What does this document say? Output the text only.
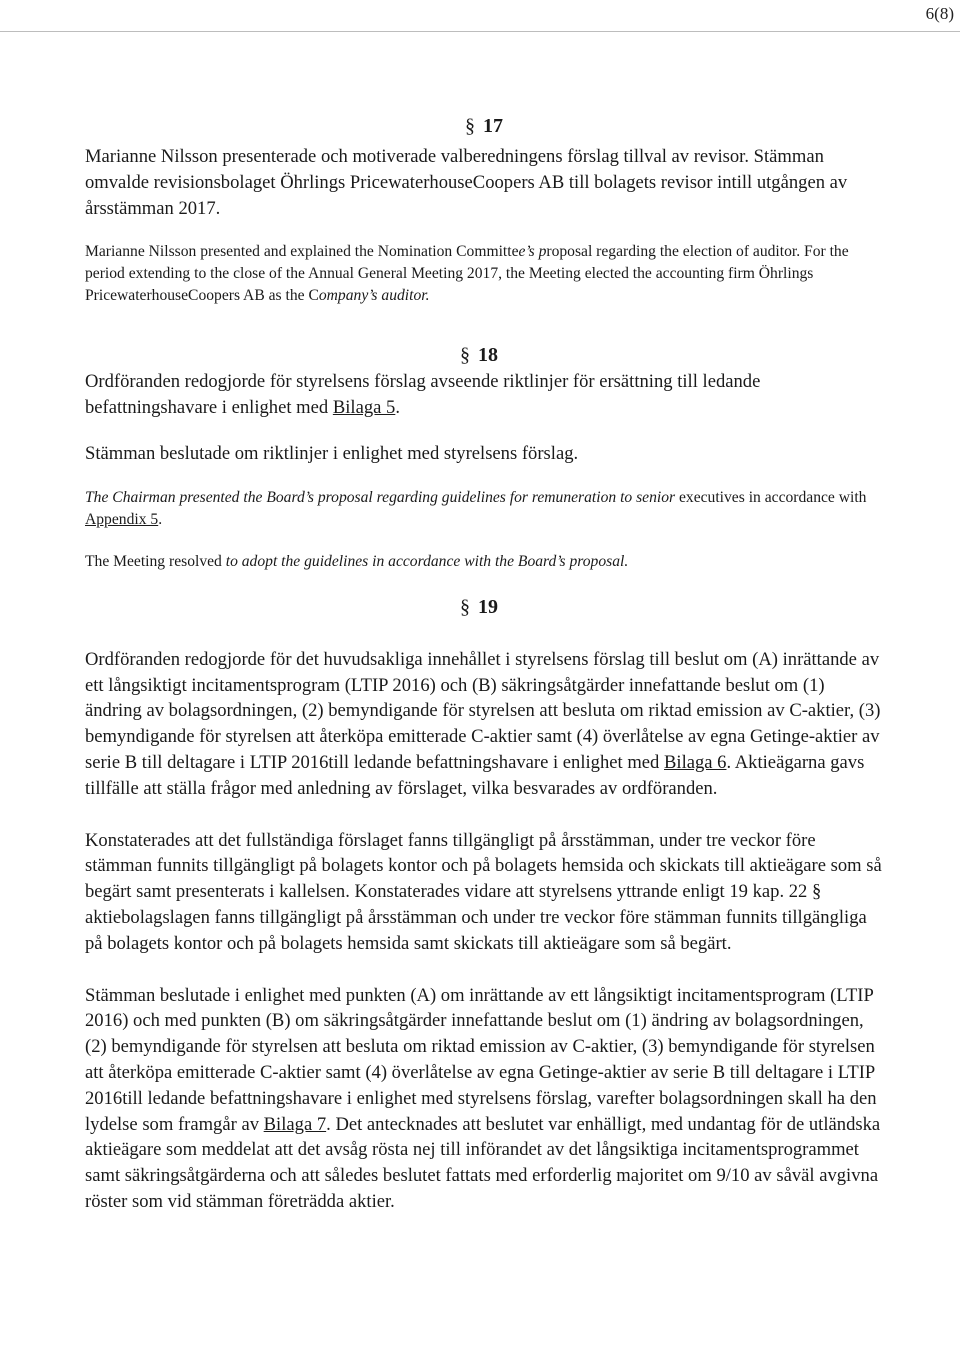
6(8)
§ 17

Marianne Nilsson presenterade och motiverade valberedningens förslag tillval av revisor. Stämman omvalde revisionsbolaget Öhrlings PricewaterhouseCoopers AB till bolagets revisor intill utgången av årsstämman 2017.

Marianne Nilsson presented and explained the Nomination Committee’s proposal regarding the election of auditor. For the period extending to the close of the Annual General Meeting 2017, the Meeting elected the accounting firm Öhrlings PricewaterhouseCoopers AB as the Company’s auditor.

§ 18

Ordföranden redogjorde för styrelsens förslag avseende riktlinjer för ersättning till ledande befattningshavare i enlighet med Bilaga 5.

Stämman beslutade om riktlinjer i enlighet med styrelsens förslag.

The Chairman presented the Board’s proposal regarding guidelines for remuneration to senior executives in accordance with Appendix 5.

The Meeting resolved to adopt the guidelines in accordance with the Board’s proposal.

§ 19

Ordföranden redogjorde för det huvudsakliga innehållet i styrelsens förslag till beslut om (A) inrättande av ett långsiktigt incitamentsprogram (LTIP 2016) och (B) säkringsåtgärder innefattande beslut om (1) ändring av bolagsordningen, (2) bemyndigande för styrelsen att besluta om riktad emission av C-aktier, (3) bemyndigande för styrelsen att återköpa emitterade C-aktier samt (4) överlåtelse av egna Getinge-aktier av serie B till deltagare i LTIP 2016till ledande befattningshavare i enlighet med Bilaga 6. Aktieägarna gavs tillfälle att ställa frågor med anledning av förslaget, vilka besvarades av ordföranden.

Konstaterades att det fullständiga förslaget fanns tillgängligt på årsstämman, under tre veckor före stämman funnits tillgängligt på bolagets kontor och på bolagets hemsida och skickats till aktieägare som så begärt samt presenterats i kallelsen. Konstaterades vidare att styrelsens yttrande enligt 19 kap. 22 § aktiebolagslagen fanns tillgängligt på årsstämman och under tre veckor före stämman funnits tillgängliga på bolagets kontor och på bolagets hemsida samt skickats till aktieägare som så begärt.

Stämman beslutade i enlighet med punkten (A) om inrättande av ett långsiktigt incitamentsprogram (LTIP 2016) och med punkten (B) om säkringsåtgärder innefattande beslut om (1) ändring av bolagsordningen, (2) bemyndigande för styrelsen att besluta om riktad emission av C-aktier, (3) bemyndigande för styrelsen att återköpa emitterade C-aktier samt (4) överlåtelse av egna Getinge-aktier av serie B till deltagare i LTIP 2016till ledande befattningshavare i enlighet med styrelsens förslag, varefter bolagsordningen skall ha den lydelse som framgår av Bilaga 7. Det antecknades att beslutet var enhälligt, med undantag för de utländska aktieägare som meddelat att det avsåg rösta nej till införandet av det långsiktiga incitamentsprogrammet samt säkringsåtgärderna och att således beslutet fattats med erforderlig majoritet om 9/10 av såväl avgivna röster som vid stämman företrädda aktier.
